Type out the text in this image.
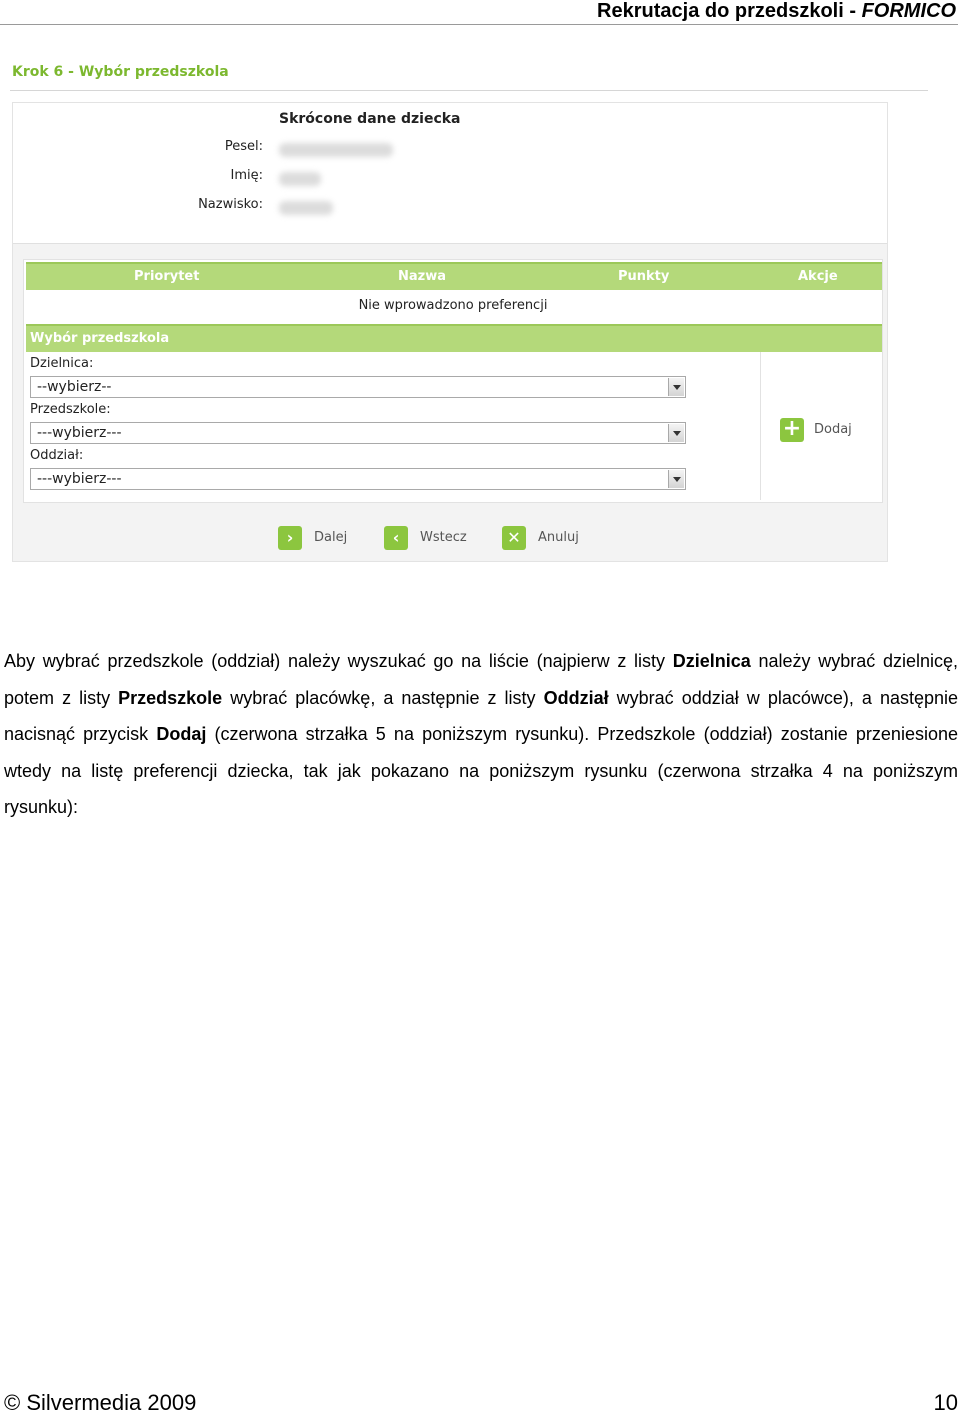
Rekrutacja do przedszkoli - FORMICO
Krok 6 - Wybór przedszkola
Skrócone dane dziecka
Pesel:
Imię:
Nazwisko:
Priorytet	Nazwa	Punkty	Akcje
Nie wprowadzono preferencji
Wybór przedszkola
Dzielnica:
--wybierz--
Przedszkole:
---wybierz---
Oddział:
---wybierz---
+ Dodaj
›	Dalej	‹	Wstecz	✕	Anuluj
Aby wybrać przedszkole (oddział) należy wyszukać go na liście (najpierw z listy Dzielnica należy wybrać dzielnicę, potem z listy Przedszkole wybrać placówkę, a następnie z listy Oddział wybrać oddział w placówce), a następnie nacisnąć przycisk Dodaj (czerwona strzałka 5 na poniższym rysunku). Przedszkole (oddział) zostanie przeniesione wtedy na listę preferencji dziecka, tak jak pokazano na poniższym rysunku (czerwona strzałka 4 na poniższym rysunku):
© Silvermedia 2009	10
